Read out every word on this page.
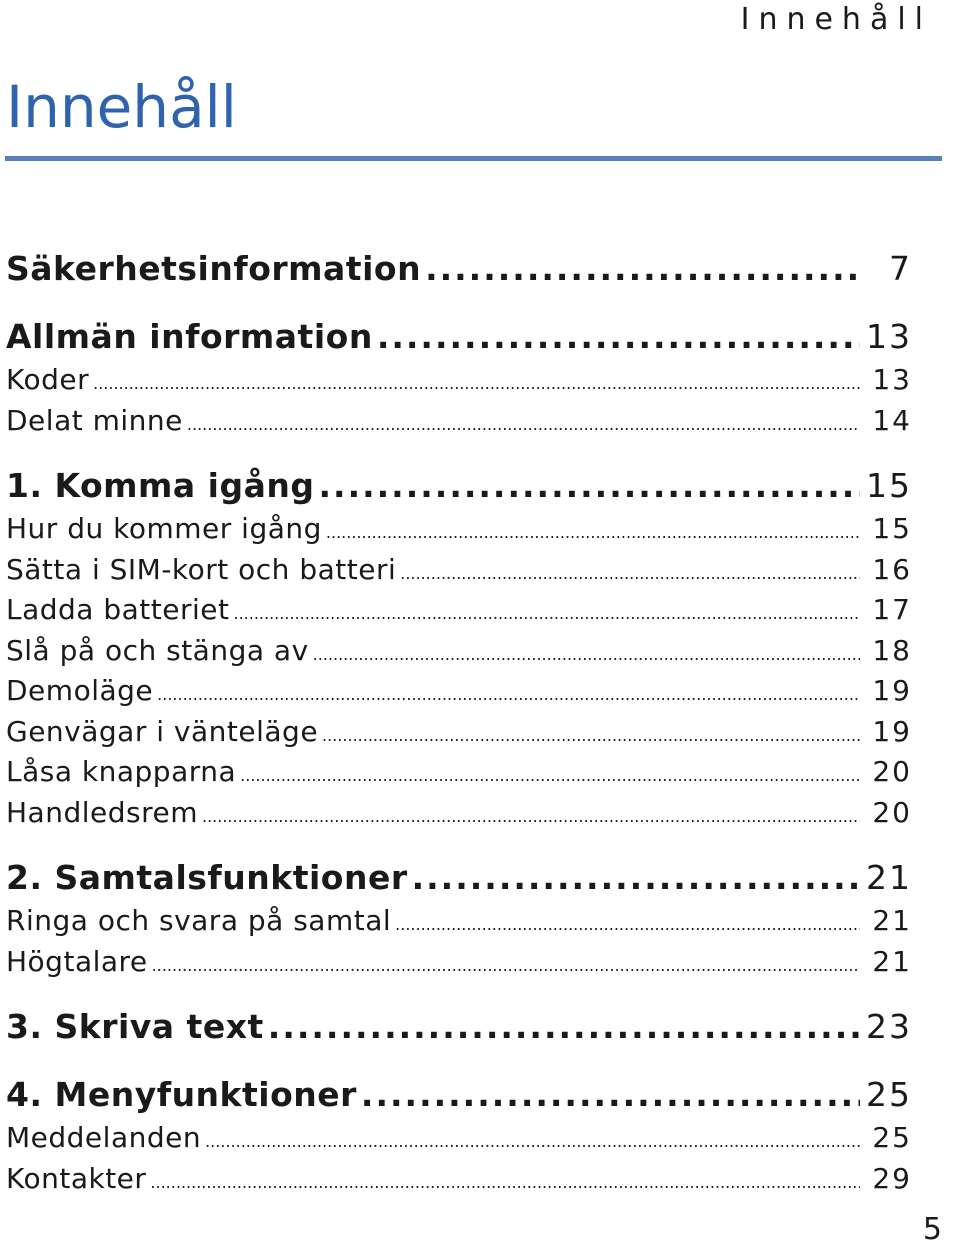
Innehåll
Innehåll
Säkerhetsinformation .....	7
Allmän information .....	13
Koder .....	13
Delat minne .....	14
1. Komma igång .....	15
Hur du kommer igång .....	15
Sätta i SIM-kort och batteri .....	16
Ladda batteriet .....	17
Slå på och stänga av .....	18
Demoläge .....	19
Genvägar i vänteläge .....	19
Låsa knapparna .....	20
Handledsrem .....	20
2. Samtalsfunktioner .....	21
Ringa och svara på samtal .....	21
Högtalare .....	21
3. Skriva text .....	23
4. Menyfunktioner .....	25
Meddelanden .....	25
Kontakter .....	29
5
